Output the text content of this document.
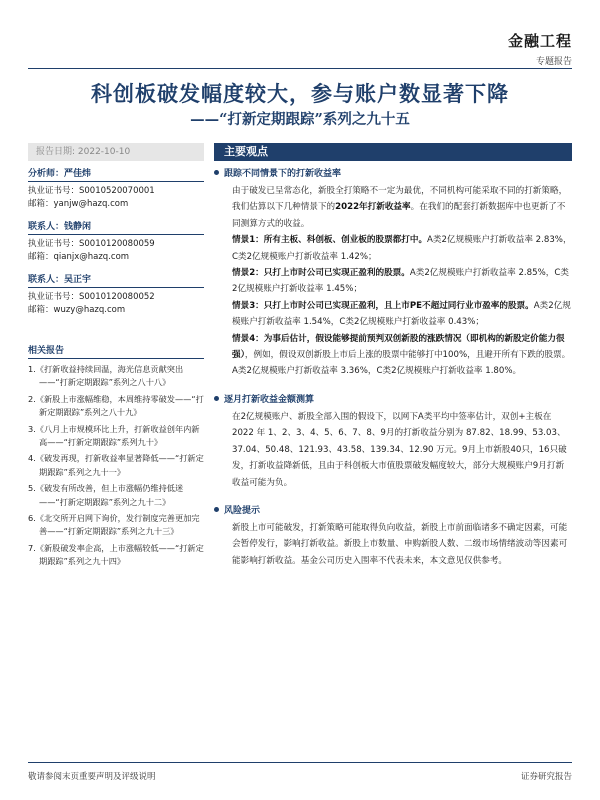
金融工程
专题报告
科创板破发幅度较大，参与账户数显著下降
——“打新定期跟踪”系列之九十五
报告日期: 2022-10-10	主要观点
分析师：严佳炜
执业证书号：S0010520070001
邮箱：yanjw@hazq.com
联系人：钱静闲
执业证书号：S0010120080059
邮箱：qianjx@hazq.com
联系人：吴正宇
执业证书号：S0010120080052
邮箱：wuzy@hazq.com
相关报告
1.《打新收益持续回温，海光信息贡献突出——“打新定期跟踪”系列之八十八》
2.《新股上市涨幅维稳，本周维持零破发——“打新定期跟踪”系列之八十九》
3.《八月上市规模环比上升，打新收益创年内新高——“打新定期跟踪”系列九十》
4.《破发再现，打新收益率显著降低——“打新定期跟踪”系列之九十一》
5.《破发有所改善，但上市涨幅仍维持低迷——“打新定期跟踪”系列之九十二》
6.《北交所开启网下询价，发行制度完善更加完善——“打新定期跟踪”系列之九十三》
7.《新股破发率企高，上市涨幅较低——“打新定期跟踪”系列之九十四》
跟踪不同情景下的打新收益率
由于破发已呈常态化，新股全打策略不一定为最优，不同机构可能采取不同的打新策略，我们估算以下几种情景下的2022年打新收益率。在我们的配套打新数据库中也更新了不同测算方式的收益。
情景1：所有主板、科创板、创业板的股票都打中。A类2亿规模账户打新收益率 2.83%，C类2亿规模账户打新收益率 1.42%；
情景2：只打上市时公司已实现正盈利的股票。A类2亿规模账户打新收益率 2.85%，C类2亿规模账户打新收益率 1.45%；
情景3：只打上市时公司已实现正盈利，且上市PE不超过同行业市盈率的股票。A类2亿规模账户打新收益率 1.54%，C类2亿规模账户打新收益率 0.43%；
情景4：为事后估计，假设能够提前预判双创新股的涨跌情况（即机构的新股定价能力很强），例如，假设双创新股上市后上涨的股票中能够打中100%，且避开所有下跌的股票。A类2亿规模账户打新收益率 3.36%，C类2亿规模账户打新收益率 1.80%。
逐月打新收益金额测算
在2亿规模账户、新股全部入围的假设下，以网下A类平均中签率估计，双创+主板在 2022 年 1、2、3、4、5、6、7、8、9月的打新收益分别为 87.82、18.99、53.03、37.04、50.48、121.93、43.58、139.34、12.90 万元。9月上市新股40只，16只破发，打新收益降新低，且由于科创板大市值股票破发幅度较大，部分大规模账户9月打新收益可能为负。
风险提示
新股上市可能破发，打新策略可能取得负向收益，新股上市前面临诸多不确定因素，可能会暂停发行，影响打新收益。新股上市数量、申购新股人数、二级市场情绪波动等因素可能影响打新收益。基金公司历史入围率不代表未来，本文意见仅供参考。
敬请参阅末页重要声明及评级说明	证券研究报告
